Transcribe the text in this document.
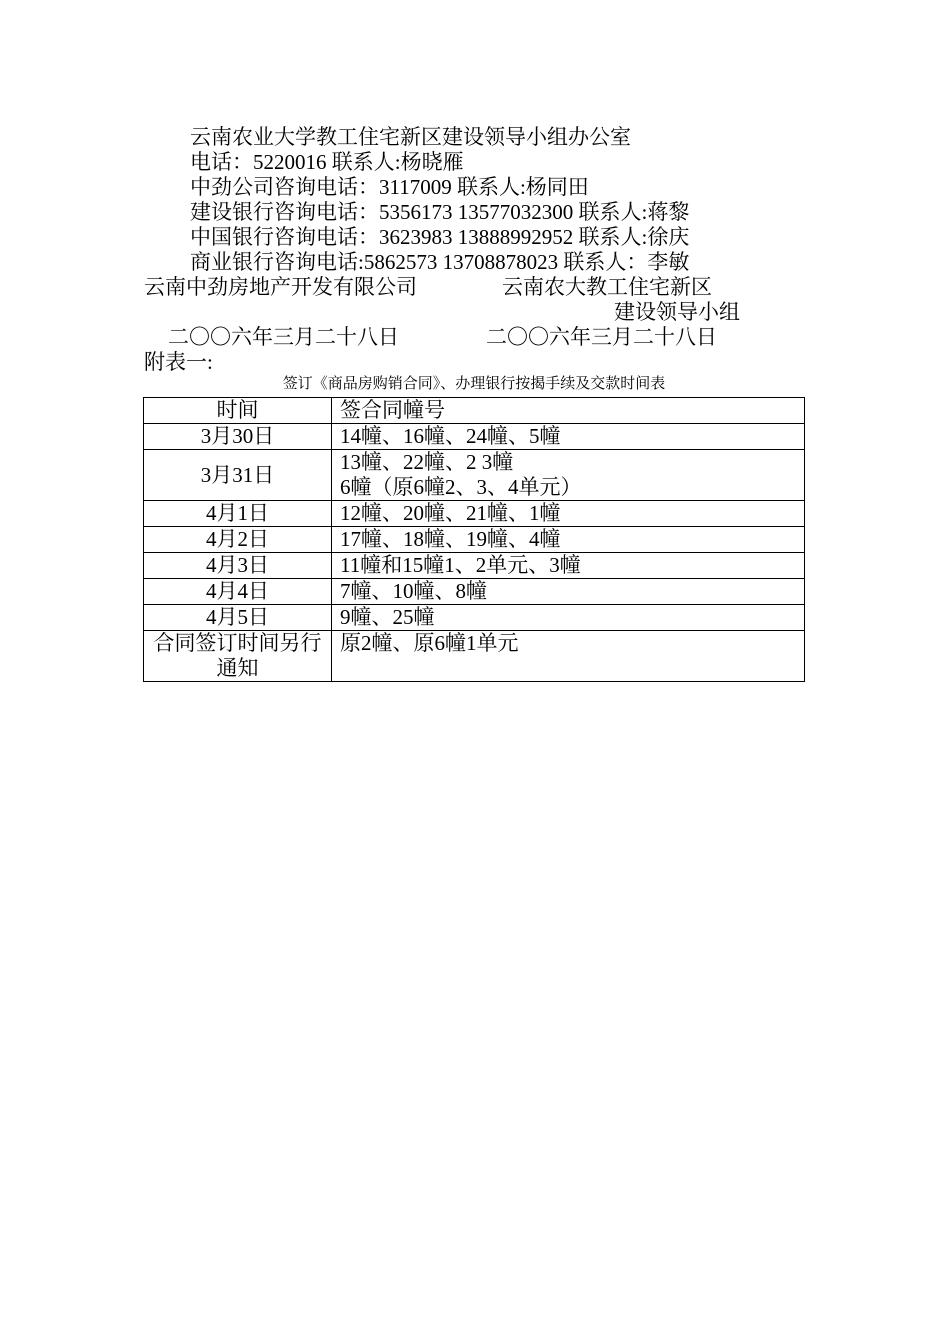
云南农业大学教工住宅新区建设领导小组办公室
电话：5220016 联系人:杨晓雁
中劲公司咨询电话：3117009 联系人:杨同田
建设银行咨询电话：5356173 13577032300 联系人:蒋黎
中国银行咨询电话：3623983 13888992952 联系人:徐庆
商业银行咨询电话:5862573 13708878023 联系人：李敏
云南中劲房地产开发有限公司	云南农大教工住宅新区
建设领导小组
二〇〇六年三月二十八日	二〇〇六年三月二十八日
附表一:
签订《商品房购销合同》、办理银行按揭手续及交款时间表
时间	签合同幢号
3月30日	14幢、16幢、24幢、5幢
3月31日	13幢、22幢、2 3幢
6幢（原6幢2、3、4单元）
4月1日	12幢、20幢、21幢、1幢
4月2日	17幢、18幢、19幢、4幢
4月3日	11幢和15幢1、2单元、3幢
4月4日	7幢、10幢、8幢
4月5日	9幢、25幢
合同签订时间另行通知	原2幢、原6幢1单元
